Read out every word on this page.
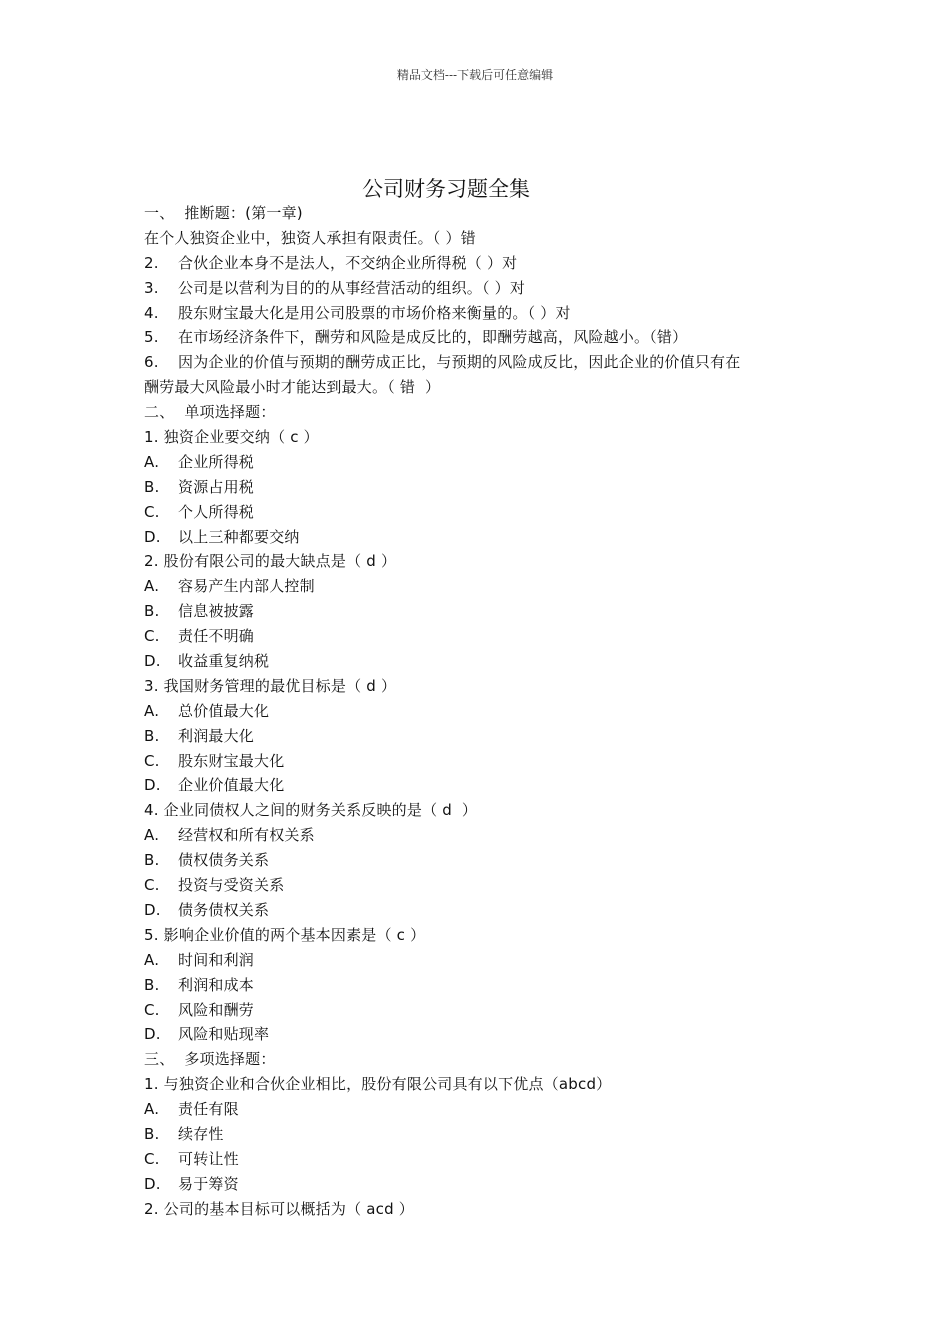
精品文档---下载后可任意编辑
公司财务习题全集
一、  推断题：(第一章)
在个人独资企业中，独资人承担有限责任。（ ）错
2. 合伙企业本身不是法人，不交纳企业所得税（ ）对
3. 公司是以营利为目的的从事经营活动的组织。（ ）对
4. 股东财宝最大化是用公司股票的市场价格来衡量的。（ ）对
5. 在市场经济条件下，酬劳和风险是成反比的，即酬劳越高，风险越小。（错）
6. 因为企业的价值与预期的酬劳成正比，与预期的风险成反比，因此企业的价值只有在
酬劳最大风险最小时才能达到最大。（ 错  ）
二、  单项选择题：
1. 独资企业要交纳（ c ）
A. 企业所得税
B. 资源占用税
C. 个人所得税
D. 以上三种都要交纳
2. 股份有限公司的最大缺点是（ d ）
A. 容易产生内部人控制
B. 信息被披露
C. 责任不明确
D. 收益重复纳税
3. 我国财务管理的最优目标是（ d ）
A. 总价值最大化
B. 利润最大化
C. 股东财宝最大化
D. 企业价值最大化
4. 企业同债权人之间的财务关系反映的是（ d  ）
A. 经营权和所有权关系
B. 债权债务关系
C. 投资与受资关系
D. 债务债权关系
5. 影响企业价值的两个基本因素是（ c ）
A. 时间和利润
B. 利润和成本
C. 风险和酬劳
D. 风险和贴现率
三、  多项选择题：
1. 与独资企业和合伙企业相比，股份有限公司具有以下优点（abcd）
A. 责任有限
B. 续存性
C. 可转让性
D. 易于筹资
2. 公司的基本目标可以概括为（ acd ）
